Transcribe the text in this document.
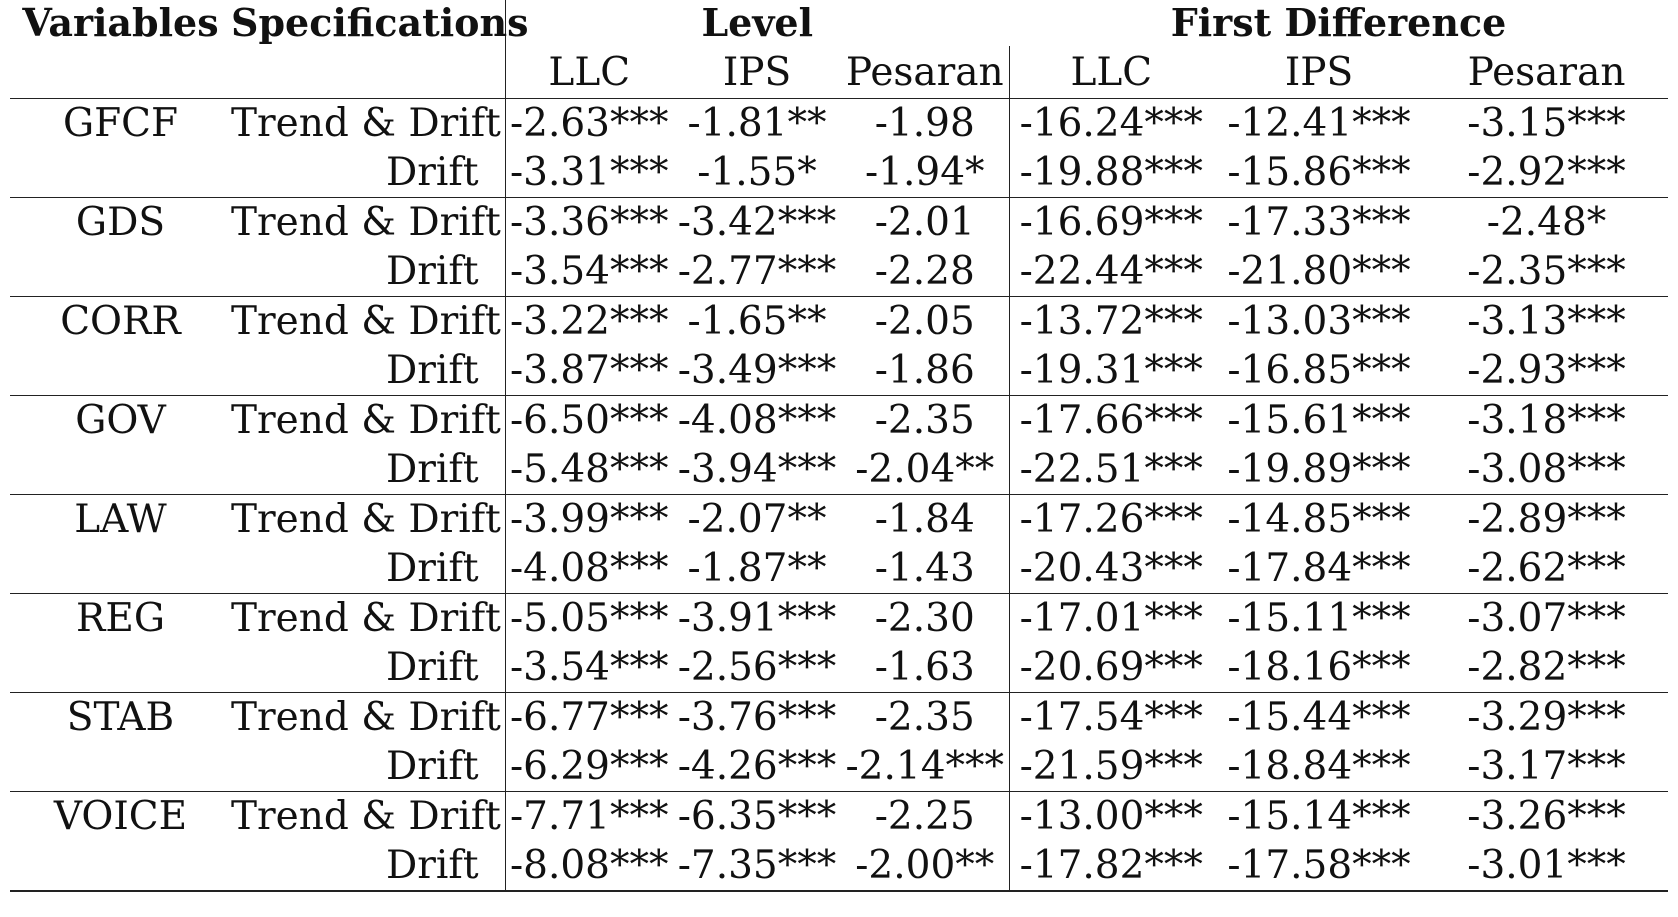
Variables	Specifications	Level			First Difference		
		LLC	IPS	Pesaran	LLC	IPS	Pesaran
GFCF	Trend & Drift	-2.63***	-1.81**	-1.98	-16.24***	-12.41***	-3.15***
	Drift	-3.31***	-1.55*	-1.94*	-19.88***	-15.86***	-2.92***
GDS	Trend & Drift	-3.36***	-3.42***	-2.01	-16.69***	-17.33***	-2.48*
	Drift	-3.54***	-2.77***	-2.28	-22.44***	-21.80***	-2.35***
CORR	Trend & Drift	-3.22***	-1.65**	-2.05	-13.72***	-13.03***	-3.13***
	Drift	-3.87***	-3.49***	-1.86	-19.31***	-16.85***	-2.93***
GOV	Trend & Drift	-6.50***	-4.08***	-2.35	-17.66***	-15.61***	-3.18***
	Drift	-5.48***	-3.94***	-2.04**	-22.51***	-19.89***	-3.08***
LAW	Trend & Drift	-3.99***	-2.07**	-1.84	-17.26***	-14.85***	-2.89***
	Drift	-4.08***	-1.87**	-1.43	-20.43***	-17.84***	-2.62***
REG	Trend & Drift	-5.05***	-3.91***	-2.30	-17.01***	-15.11***	-3.07***
	Drift	-3.54***	-2.56***	-1.63	-20.69***	-18.16***	-2.82***
STAB	Trend & Drift	-6.77***	-3.76***	-2.35	-17.54***	-15.44***	-3.29***
	Drift	-6.29***	-4.26***	-2.14***	-21.59***	-18.84***	-3.17***
VOICE	Trend & Drift	-7.71***	-6.35***	-2.25	-13.00***	-15.14***	-3.26***
	Drift	-8.08***	-7.35***	-2.00**	-17.82***	-17.58***	-3.01***
